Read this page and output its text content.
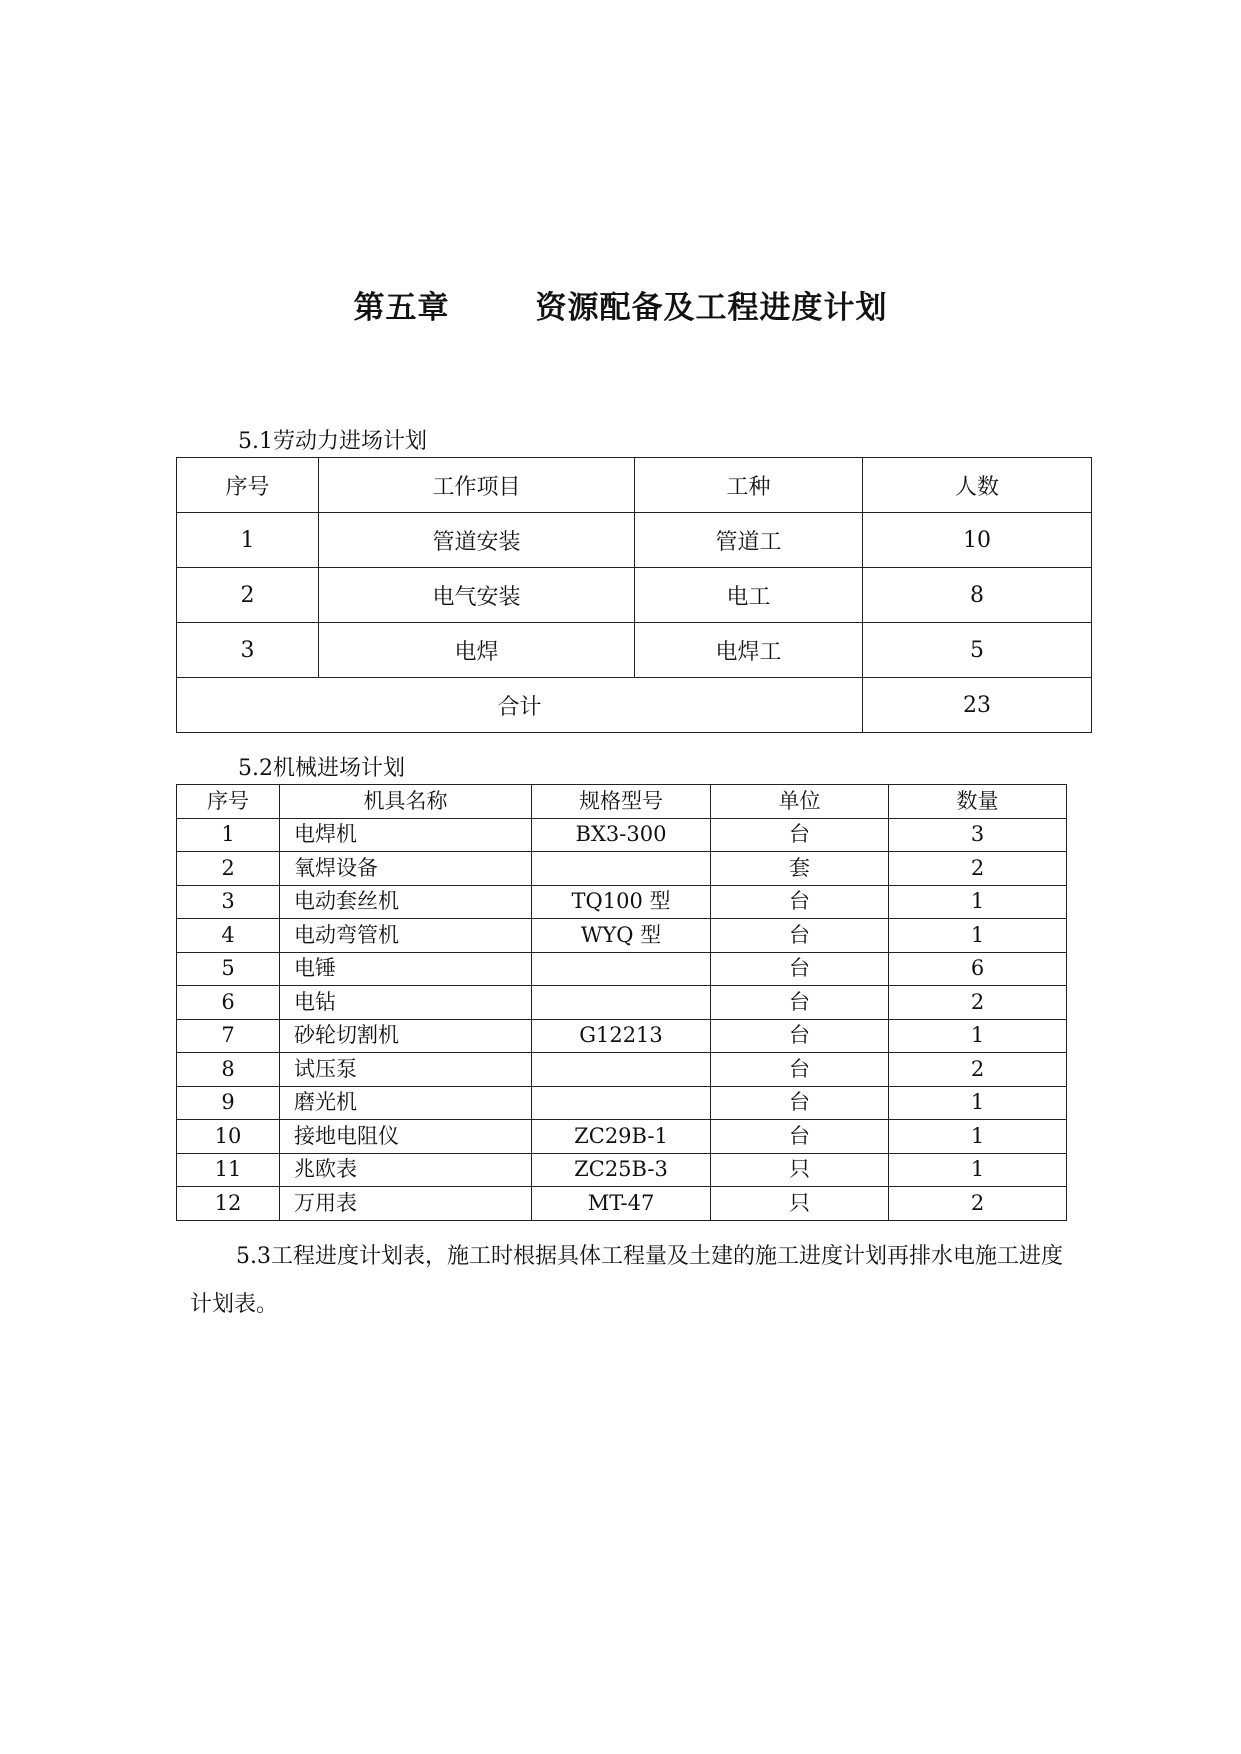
第五章	资源配备及工程进度计划
5.1劳动力进场计划
序号	工作项目	工种	人数
1	管道安装	管道工	10
2	电气安装	电工	8
3	电焊	电焊工	5
合计			23
5.2机械进场计划
序号	机具名称	规格型号	单位	数量
1	电焊机	BX3-300	台	3
2	氧焊设备		套	2
3	电动套丝机	TQ100 型	台	1
4	电动弯管机	WYQ 型	台	1
5	电锤		台	6
6	电钻		台	2
7	砂轮切割机	G12213	台	1
8	试压泵		台	2
9	磨光机		台	1
10	接地电阻仪	ZC29B-1	台	1
11	兆欧表	ZC25B-3	只	1
12	万用表	MT-47	只	2
5.3工程进度计划表，施工时根据具体工程量及土建的施工进度计划再排水电施工进度计划表。
